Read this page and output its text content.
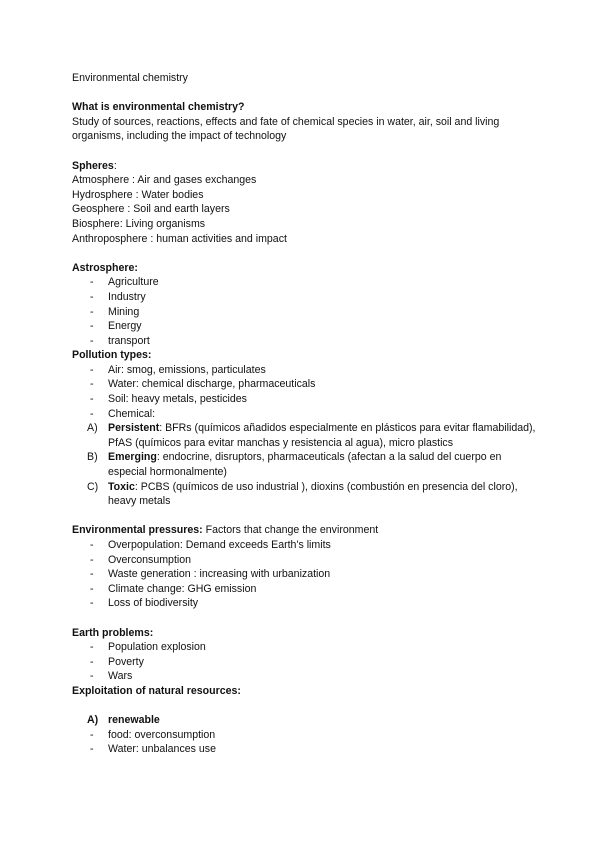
Environmental chemistry

What is environmental chemistry?

Study of sources, reactions, effects and fate of chemical species in water, air, soil and living organisms, including the impact of technology

Spheres:

Atmosphere : Air and gases exchanges

Hydrosphere : Water bodies

Geosphere : Soil and earth layers

Biosphere: Living organisms

Anthroposphere : human activities and impact

Astrosphere:

- Agriculture
- Industry
- Mining
- Energy
- transport

Pollution types:

- Air: smog, emissions, particulates
- Water: chemical discharge, pharmaceuticals
- Soil: heavy metals, pesticides
- Chemical:
A) Persistent: BFRs (químicos añadidos especialmente en plásticos para evitar flamabilidad), PfAS (químicos para evitar manchas y resistencia al agua), micro plastics
B) Emerging: endocrine, disruptors, pharmaceuticals (afectan a la salud del cuerpo en especial hormonalmente)
C) Toxic: PCBS (químicos de uso industrial ), dioxins (combustión en presencia del cloro), heavy metals

Environmental pressures: Factors that change the environment

- Overpopulation: Demand exceeds Earth's limits
- Overconsumption
- Waste generation : increasing with urbanization
- Climate change: GHG emission
- Loss of biodiversity

Earth problems:

- Population explosion
- Poverty
- Wars

Exploitation of natural resources:

A) renewable
- food: overconsumption
- Water: unbalances use
